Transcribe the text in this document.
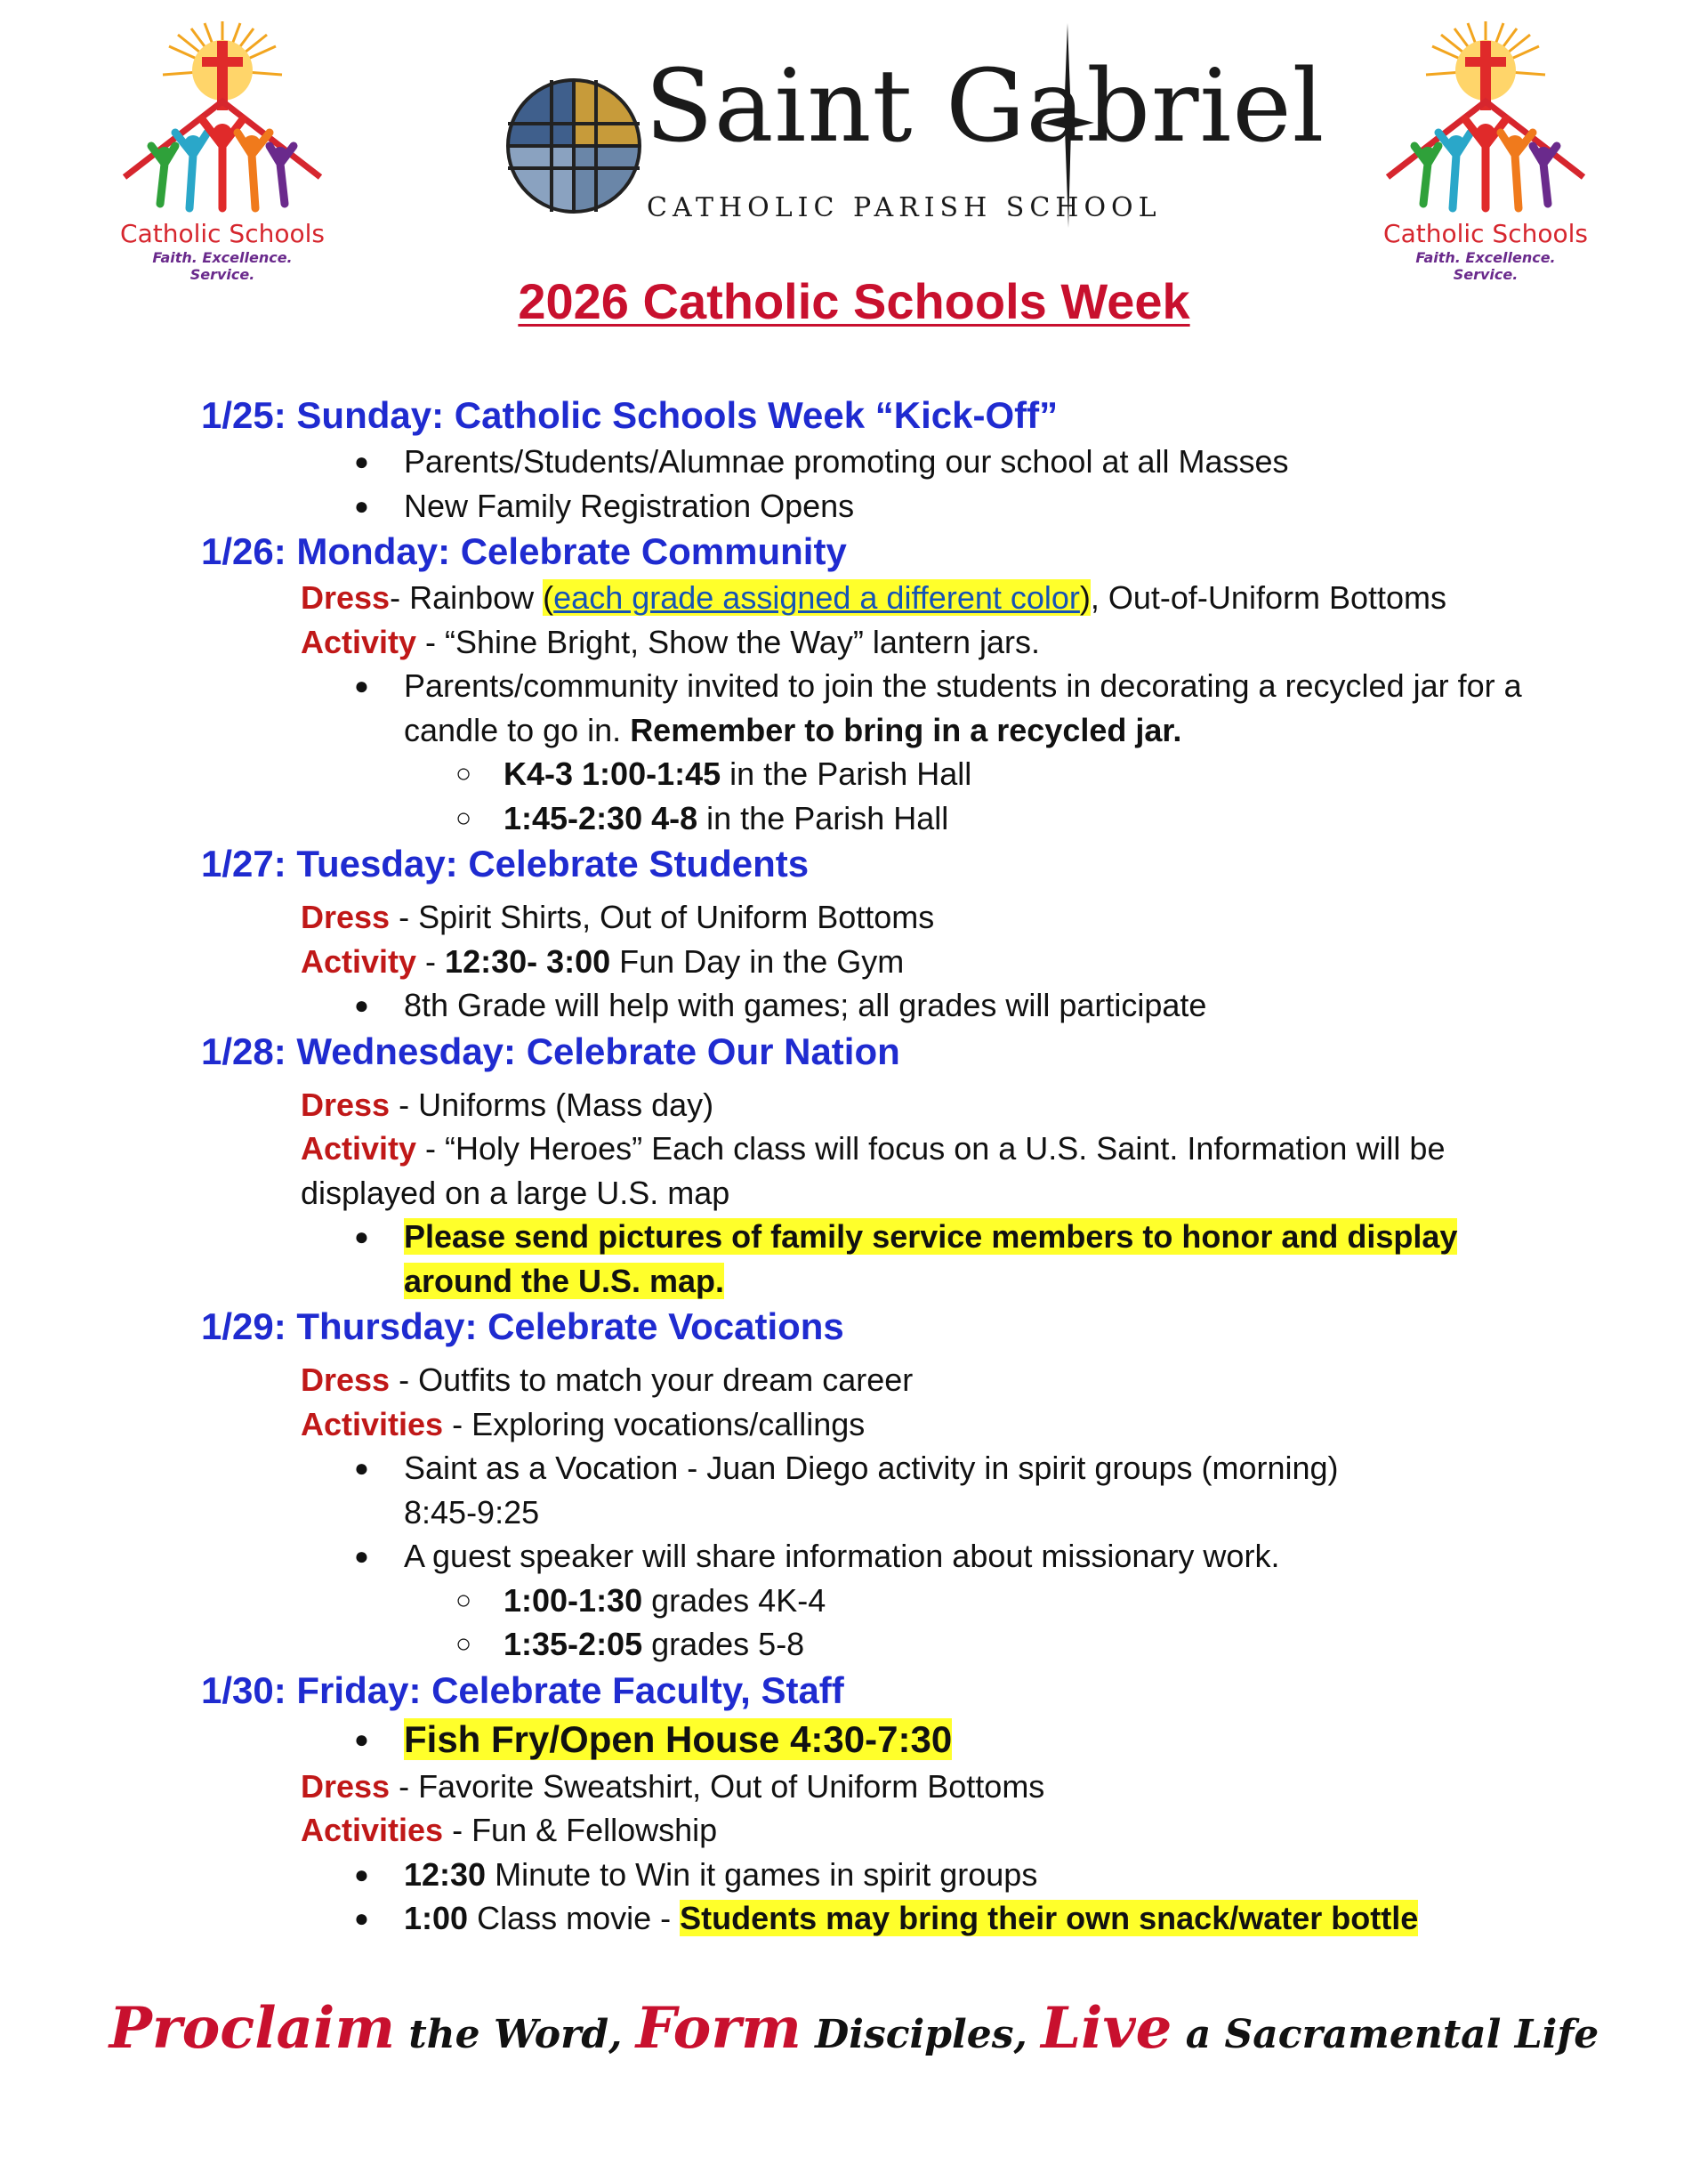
Catholic Schools
Faith. Excellence. Service.
Saint Gabriel
CATHOLIC PARISH SCHOOL
Catholic Schools
Faith. Excellence. Service.
2026 Catholic Schools Week
1/25: Sunday: Catholic Schools Week “Kick-Off”
● Parents/Students/Alumnae promoting our school at all Masses
● New Family Registration Opens
1/26: Monday: Celebrate Community
Dress- Rainbow (each grade assigned a different color), Out-of-Uniform Bottoms
Activity - “Shine Bright, Show the Way” lantern jars.
● Parents/community invited to join the students in decorating a recycled jar for a candle to go in. Remember to bring in a recycled jar.
○ K4-3 1:00-1:45 in the Parish Hall
○ 1:45-2:30 4-8 in the Parish Hall
1/27: Tuesday: Celebrate Students
Dress - Spirit Shirts, Out of Uniform Bottoms
Activity - 12:30- 3:00 Fun Day in the Gym
● 8th Grade will help with games; all grades will participate
1/28: Wednesday: Celebrate Our Nation
Dress - Uniforms (Mass day)
Activity - “Holy Heroes” Each class will focus on a U.S. Saint. Information will be
displayed on a large U.S. map
● Please send pictures of family service members to honor and display
around the U.S. map.
1/29: Thursday: Celebrate Vocations
Dress - Outfits to match your dream career
Activities - Exploring vocations/callings
● Saint as a Vocation - Juan Diego activity in spirit groups (morning)
8:45-9:25
● A guest speaker will share information about missionary work.
○ 1:00-1:30 grades 4K-4
○ 1:35-2:05 grades 5-8
1/30: Friday: Celebrate Faculty, Staff
● Fish Fry/Open House 4:30-7:30
Dress - Favorite Sweatshirt, Out of Uniform Bottoms
Activities - Fun & Fellowship
● 12:30 Minute to Win it games in spirit groups
● 1:00 Class movie - Students may bring their own snack/water bottle
Proclaim the Word, Form Disciples, Live a Sacramental Life
